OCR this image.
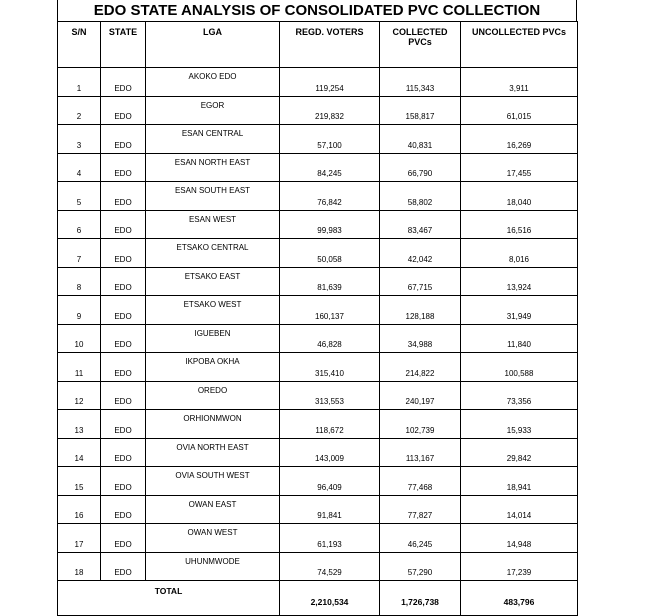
EDO STATE ANALYSIS OF CONSOLIDATED PVC COLLECTION
S/N	STATE	LGA	REGD. VOTERS	COLLECTED PVCs	UNCOLLECTED PVCs
1	EDO	AKOKO EDO	119,254	115,343	3,911
2	EDO	EGOR	219,832	158,817	61,015
3	EDO	ESAN CENTRAL	57,100	40,831	16,269
4	EDO	ESAN NORTH EAST	84,245	66,790	17,455
5	EDO	ESAN SOUTH EAST	76,842	58,802	18,040
6	EDO	ESAN WEST	99,983	83,467	16,516
7	EDO	ETSAKO CENTRAL	50,058	42,042	8,016
8	EDO	ETSAKO EAST	81,639	67,715	13,924
9	EDO	ETSAKO WEST	160,137	128,188	31,949
10	EDO	IGUEBEN	46,828	34,988	11,840
11	EDO	IKPOBA OKHA	315,410	214,822	100,588
12	EDO	OREDO	313,553	240,197	73,356
13	EDO	ORHIONMWON	118,672	102,739	15,933
14	EDO	OVIA NORTH EAST	143,009	113,167	29,842
15	EDO	OVIA SOUTH WEST	96,409	77,468	18,941
16	EDO	OWAN EAST	91,841	77,827	14,014
17	EDO	OWAN WEST	61,193	46,245	14,948
18	EDO	UHUNMWODE	74,529	57,290	17,239
TOTAL			2,210,534	1,726,738	483,796
